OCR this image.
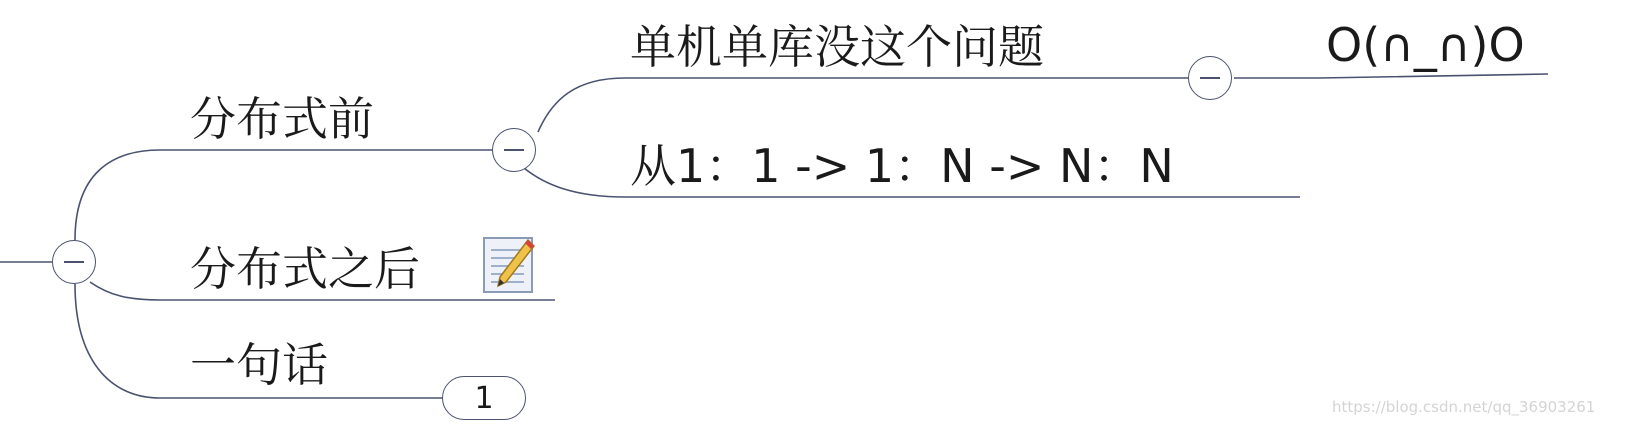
分布式前
单机单库没这个问题	O(∩_∩)O
从1：1 -> 1：N -> N：N
分布式之后
一句话
1	https://blog.csdn.net/qq_36903261
